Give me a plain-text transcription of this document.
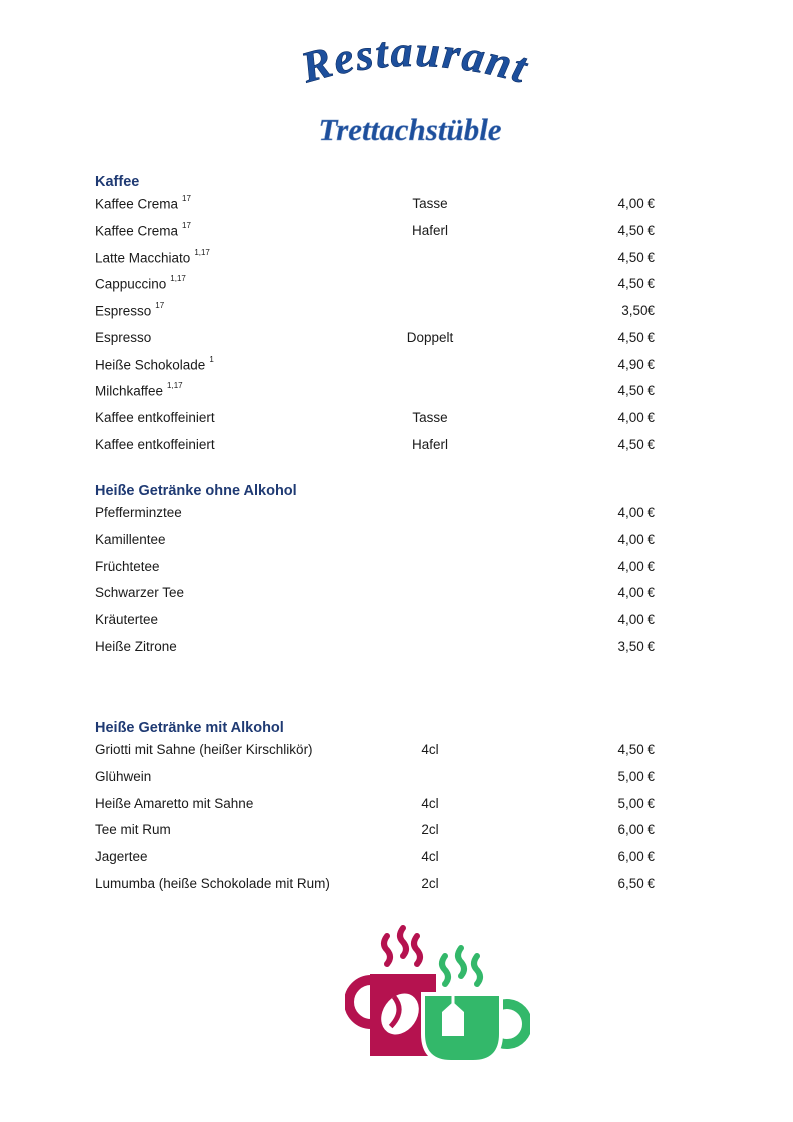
Restaurant
Trettachstüble
Kaffee
Kaffee Crema $^{17}$	Tasse	4,00 €
Kaffee Crema $^{17}$	Haferl	4,50 €
Latte Macchiato $^{1,17}$	4,50 €
Cappuccino $^{1,17}$	4,50 €
Espresso $^{17}$	3,50€
Espresso	Doppelt	4,50 €
Heiße Schokolade $^1$	4,90 €
Milchkaffee $^{1,17}$	4,50 €
Kaffee entkoffeiniert	Tasse	4,00 €
Kaffee entkoffeiniert	Haferl	4,50 €
Heiße Getränke ohne Alkohol
Pfefferminztee	4,00 €
Kamillentee	4,00 €
Früchtetee	4,00 €
Schwarzer Tee	4,00 €
Kräutertee	4,00 €
Heiße Zitrone	3,50 €
Heiße Getränke mit Alkohol
Griotti mit Sahne (heißer Kirschlikör)	4cl	4,50 €
Glühwein	5,00 €
Heiße Amaretto mit Sahne	4cl	5,00 €
Tee mit Rum	2cl	6,00 €
Jagertee	4cl	6,00 €
Lumumba (heiße Schokolade mit Rum)	2cl	6,50 €
